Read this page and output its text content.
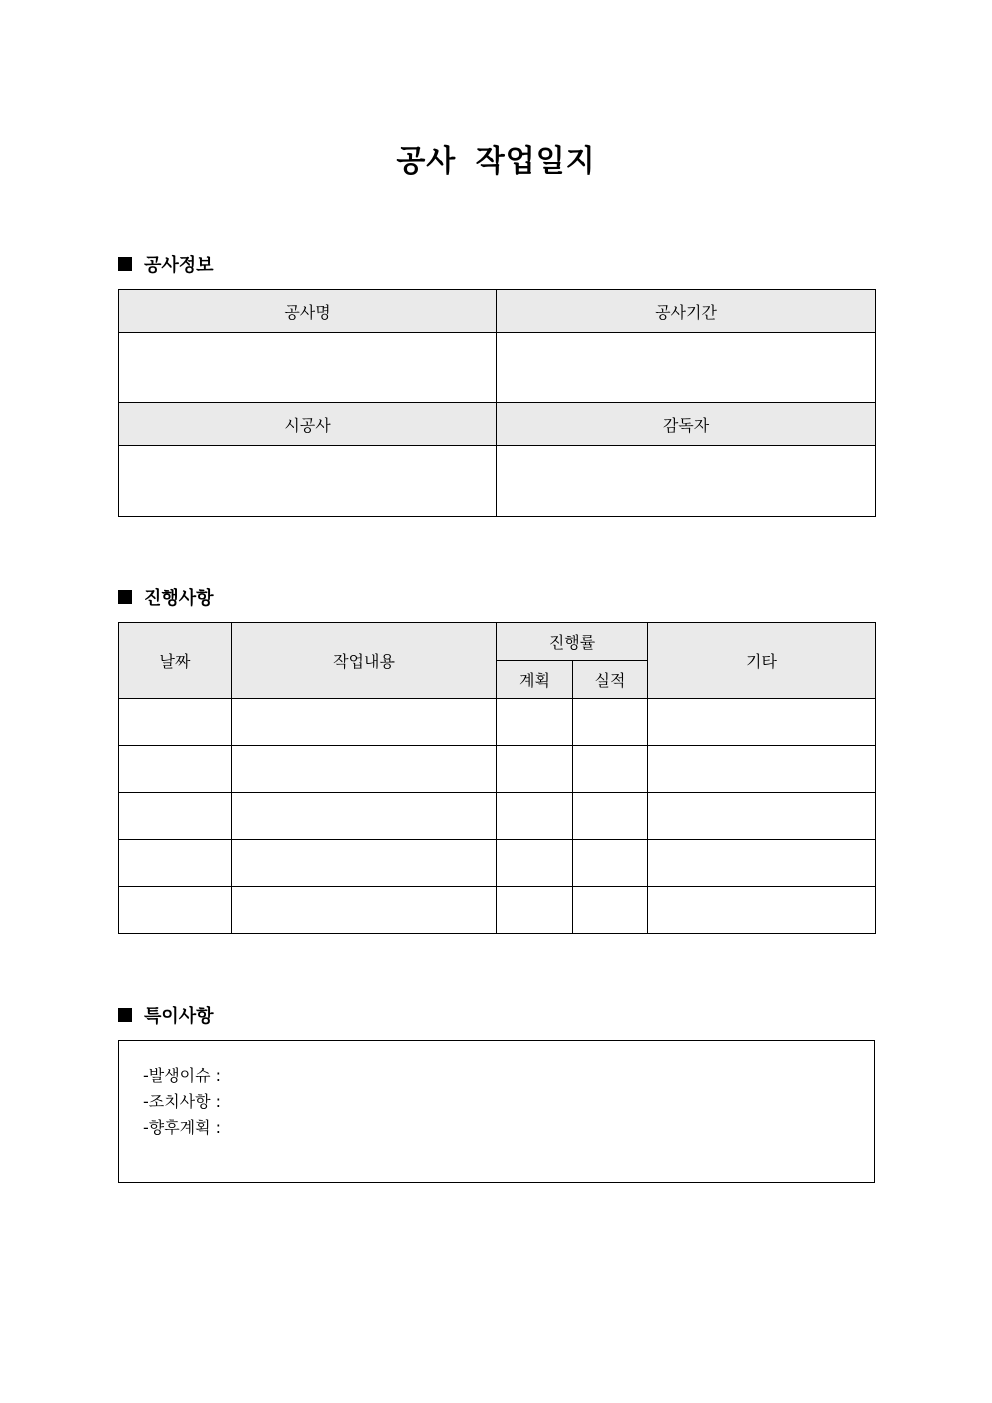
공사 작업일지
공사정보
공사명	공사기간

시공사	감독자

진행사항
날짜	작업내용	진행률		기타
		계획	실적	

특이사항
-발생이슈 :
-조치사항 :
-향후계획 :
